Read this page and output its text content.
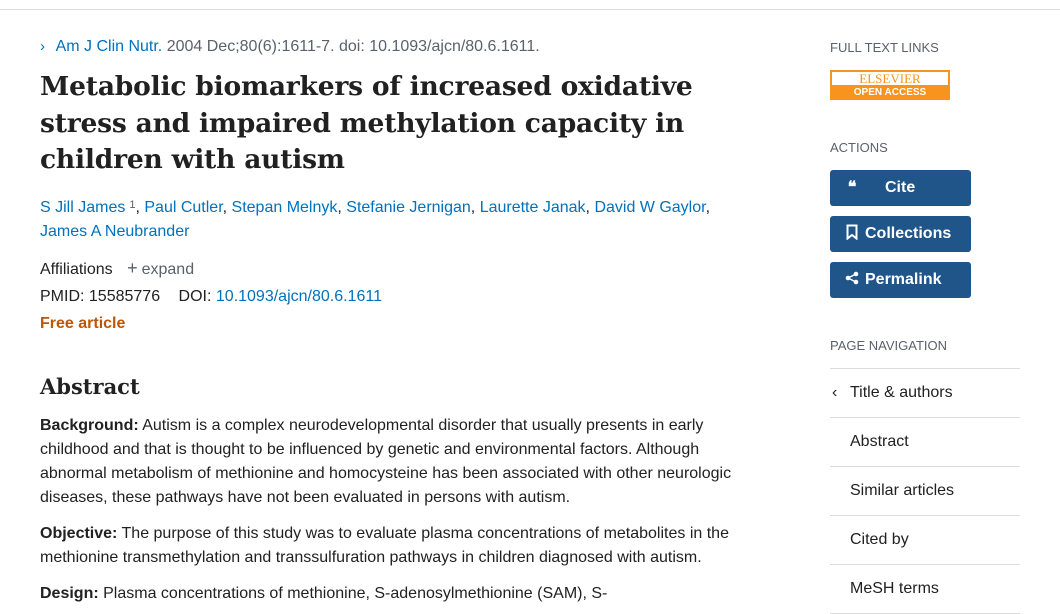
› Am J Clin Nutr. 2004 Dec;80(6):1611-7. doi: 10.1093/ajcn/80.6.1611.
Metabolic biomarkers of increased oxidative stress and impaired methylation capacity in children with autism
S Jill James $^1$, Paul Cutler, Stepan Melnyk, Stefanie Jernigan, Laurette Janak, David W Gaylor, James A Neubrander
Affiliations + expand
PMID: 15585776 DOI: 10.1093/ajcn/80.6.1611
Free article
Abstract
Background: Autism is a complex neurodevelopmental disorder that usually presents in early childhood and that is thought to be influenced by genetic and environmental factors. Although abnormal metabolism of methionine and homocysteine has been associated with other neurologic diseases, these pathways have not been evaluated in persons with autism.
Objective: The purpose of this study was to evaluate plasma concentrations of metabolites in the methionine transmethylation and transsulfuration pathways in children diagnosed with autism.
Design: Plasma concentrations of methionine, S-adenosylmethionine (SAM), S-
FULL TEXT LINKS
ELSEVIER
OPEN ACCESS
ACTIONS
❝ Cite
Collections
Permalink
PAGE NAVIGATION
‹ Title & authors
Abstract
Similar articles
Cited by
MeSH terms
